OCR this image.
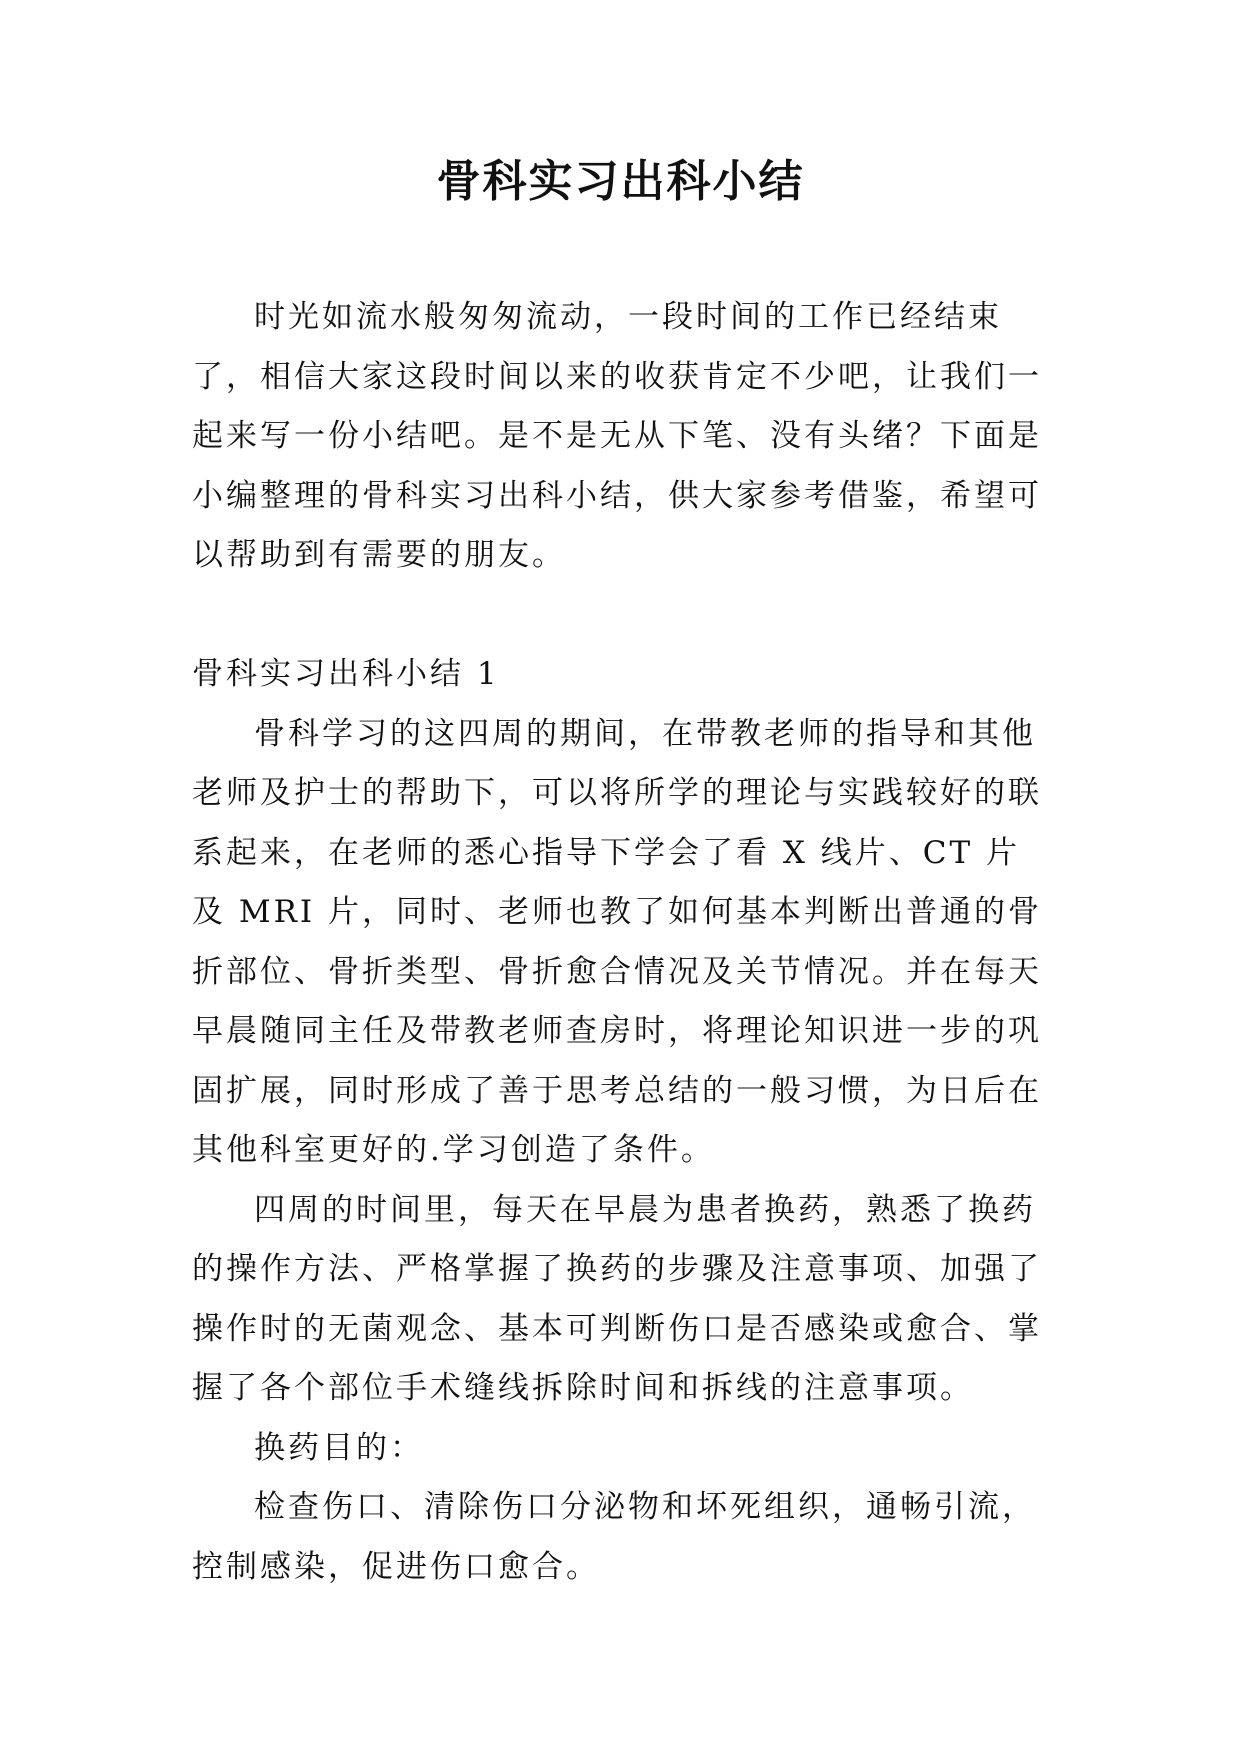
骨科实习出科小结

时光如流水般匆匆流动，一段时间的工作已经结束了，相信大家这段时间以来的收获肯定不少吧，让我们一起来写一份小结吧。是不是无从下笔、没有头绪？下面是小编整理的骨科实习出科小结，供大家参考借鉴，希望可以帮助到有需要的朋友。

骨科实习出科小结 1

骨科学习的这四周的期间，在带教老师的指导和其他老师及护士的帮助下，可以将所学的理论与实践较好的联系起来，在老师的悉心指导下学会了看 X 线片、CT 片及 MRI 片，同时、老师也教了如何基本判断出普通的骨折部位、骨折类型、骨折愈合情况及关节情况。并在每天早晨随同主任及带教老师查房时，将理论知识进一步的巩固扩展，同时形成了善于思考总结的一般习惯，为日后在其他科室更好的.学习创造了条件。

四周的时间里，每天在早晨为患者换药，熟悉了换药的操作方法、严格掌握了换药的步骤及注意事项、加强了操作时的无菌观念、基本可判断伤口是否感染或愈合、掌握了各个部位手术缝线拆除时间和拆线的注意事项。

换药目的：

检查伤口、清除伤口分泌物和坏死组织，通畅引流，控制感染，促进伤口愈合。
